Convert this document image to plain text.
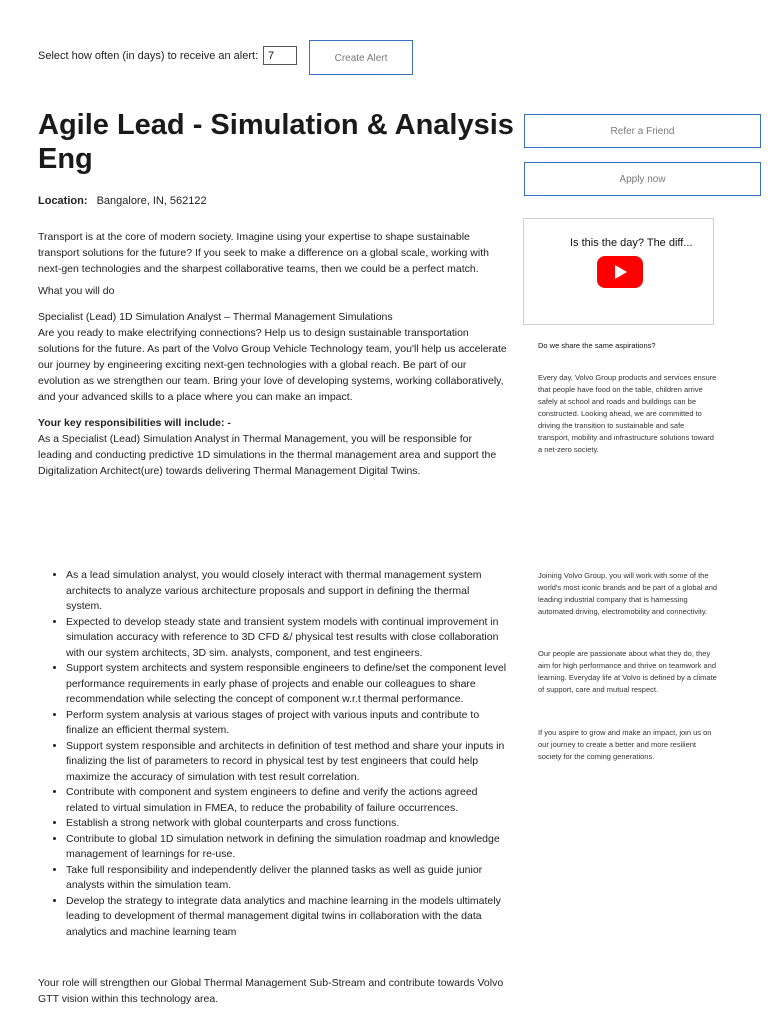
Select how often (in days) to receive an alert:
7	Create Alert
Agile Lead - Simulation & Analysis Eng
Refer a Friend
Apply now
Location: Bangalore, IN, 562122

Transport is at the core of modern society. Imagine using your expertise to shape sustainable transport solutions for the future? If you seek to make a difference on a global scale, working with next-gen technologies and the sharpest collaborative teams, then we could be a perfect match.

What you will do

Specialist (Lead) 1D Simulation Analyst – Thermal Management Simulations

Are you ready to make electrifying connections? Help us to design sustainable transportation solutions for the future. As part of the Volvo Group Vehicle Technology team, you'll help us accelerate our journey by engineering exciting next-gen technologies with a global reach. Be part of our evolution as we strengthen our team. Bring your love of developing systems, working collaboratively, and your advanced skills to a place where you can make an impact.

Your key responsibilities will include: -

As a Specialist (Lead) Simulation Analyst in Thermal Management, you will be responsible for leading and conducting predictive 1D simulations in the thermal management area and support the Digitalization Architect(ure) towards delivering Thermal Management Digital Twins.

Is this the day? The diff...
Do we share the same aspirations?
Every day, Volvo Group products and services ensure that people have food on the table, children arrive safely at school and roads and buildings can be constructed. Looking ahead, we are committed to driving the transition to sustainable and safe transport, mobility and infrastructure solutions toward a net-zero society.
Joining Volvo Group, you will work with some of the world's most iconic brands and be part of a global and leading industrial company that is harnessing automated driving, electromobility and connectivity.
Our people are passionate about what they do, they aim for high performance and thrive on teamwork and learning. Everyday life at Volvo is defined by a climate of support, care and mutual respect.
If you aspire to grow and make an impact, join us on our journey to create a better and more resilient society for the coming generations.
• As a lead simulation analyst, you would closely interact with thermal management system architects to analyze various architecture proposals and support in defining the thermal system.
• Expected to develop steady state and transient system models with continual improvement in simulation accuracy with reference to 3D CFD &/ physical test results with close collaboration with our system architects, 3D sim. analysts, component, and test engineers.
• Support system architects and system responsible engineers to define/set the component level performance requirements in early phase of projects and enable our colleagues to share recommendation while selecting the concept of component w.r.t thermal performance.
• Perform system analysis at various stages of project with various inputs and contribute to finalize an efficient thermal system.
• Support system responsible and architects in definition of test method and share your inputs in finalizing the list of parameters to record in physical test by test engineers that could help maximize the accuracy of simulation with test result correlation.
• Contribute with component and system engineers to define and verify the actions agreed related to virtual simulation in FMEA, to reduce the probability of failure occurrences.
• Establish a strong network with global counterparts and cross functions.
• Contribute to global 1D simulation network in defining the simulation roadmap and knowledge management of learnings for re-use.
• Take full responsibility and independently deliver the planned tasks as well as guide junior analysts within the simulation team.
• Develop the strategy to integrate data analytics and machine learning in the models ultimately leading to development of thermal management digital twins in collaboration with the data analytics and machine learning team

Your role will strengthen our Global Thermal Management Sub-Stream and contribute towards Volvo GTT vision within this technology area.
